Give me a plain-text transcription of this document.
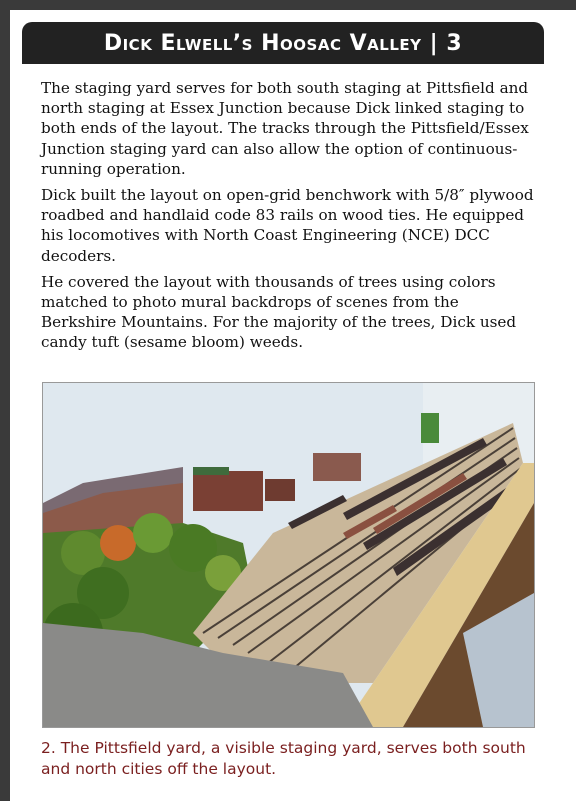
Dick Elwell’s Hoosac Valley | 3

The staging yard serves for both south staging at Pittsfield and north staging at Essex Junction because Dick linked staging to both ends of the layout. The tracks through the Pittsfield/Essex Junction staging yard can also allow the option of continuous-running operation.

Dick built the layout on open-grid benchwork with 5/8″ plywood roadbed and handlaid code 83 rails on wood ties. He equipped his locomotives with North Coast Engineering (NCE) DCC decoders.

He covered the layout with thousands of trees using colors matched to photo mural backdrops of scenes from the Berkshire Mountains. For the majority of the trees, Dick used candy tuft (sesame bloom) weeds.

2. The Pittsfield yard, a visible staging yard, serves both south and north cities off the layout.
